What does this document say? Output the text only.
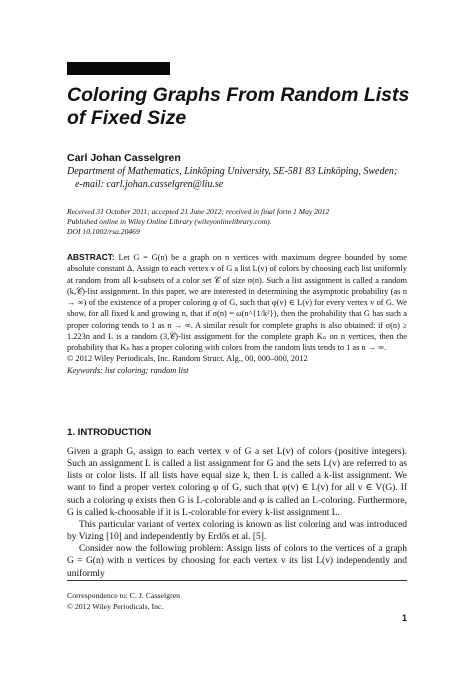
Coloring Graphs From Random Lists of Fixed Size

Carl Johan Casselgren

Department of Mathematics, Linköping University, SE-581 83 Linköping, Sweden;
e-mail: carl.johan.casselgren@liu.se

Received 31 October 2011; accepted 21 June 2012; received in final form 1 May 2012
Published online in Wiley Online Library (wileyonlinelibrary.com).
DOI 10.1002/rsa.20469

ABSTRACT: Let G = G(n) be a graph on n vertices with maximum degree bounded by some absolute constant Δ. Assign to each vertex v of G a list L(v) of colors by choosing each list uniformly at random from all k-subsets of a color set 𝒞 of size σ(n). Such a list assignment is called a random (k,𝒞)-list assignment. In this paper, we are interested in determining the asymptotic probability (as n → ∞) of the existence of a proper coloring φ of G, such that φ(v) ∈ L(v) for every vertex v of G. We show, for all fixed k and growing n, that if σ(n) = ω(n^{1/k²}), then the probability that G has such a proper coloring tends to 1 as n → ∞. A similar result for complete graphs is also obtained: if σ(n) ≥ 1.223n and L is a random (3,𝒞)-list assignment for the complete graph Kₙ on n vertices, then the probability that Kₙ has a proper coloring with colors from the random lists tends to 1 as n → ∞.
© 2012 Wiley Periodicals, Inc. Random Struct. Alg., 00, 000–000, 2012

Keywords: list coloring; random list

1. INTRODUCTION

Given a graph G, assign to each vertex v of G a set L(v) of colors (positive integers). Such an assignment L is called a list assignment for G and the sets L(v) are referred to as lists or color lists. If all lists have equal size k, then L is called a k-list assignment. We want to find a proper vertex coloring φ of G, such that φ(v) ∈ L(v) for all v ∈ V(G). If such a coloring φ exists then G is L-colorable and φ is called an L-coloring. Furthermore, G is called k-choosable if it is L-colorable for every k-list assignment L.

This particular variant of vertex coloring is known as list coloring and was introduced by Vizing [10] and independently by Erdős et al. [5].

Consider now the following problem: Assign lists of colors to the vertices of a graph G = G(n) with n vertices by choosing for each vertex v its list L(v) independently and uniformly

Correspondence to: C. J. Casselgren
© 2012 Wiley Periodicals, Inc.

1
